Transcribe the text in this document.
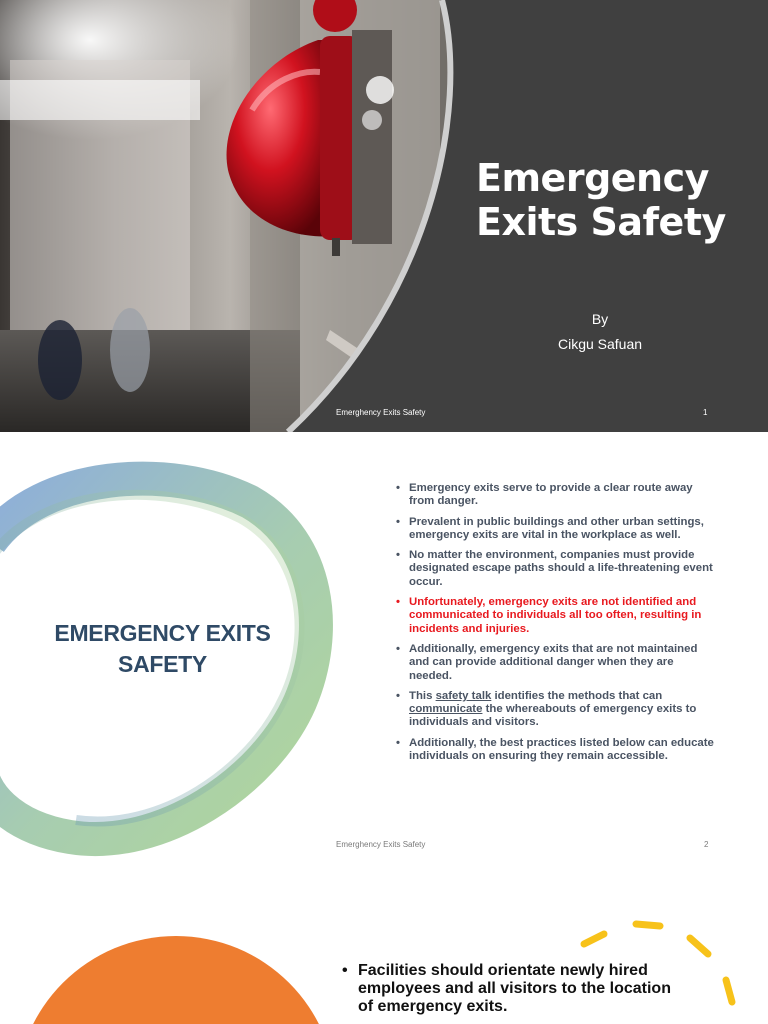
Emergency
Exits Safety
By
Cikgu Safuan
Emerghency Exits Safety	1
EMERGENCY EXITS
SAFETY
• Emergency exits serve to provide a clear route away from danger.
• Prevalent in public buildings and other urban settings, emergency exits are vital in the workplace as well.
• No matter the environment, companies must provide designated escape paths should a life-threatening event occur.
• Unfortunately, emergency exits are not identified and communicated to individuals all too often, resulting in incidents and injuries.
• Additionally, emergency exits that are not maintained and can provide additional danger when they are needed.
• This safety talk identifies the methods that can communicate the whereabouts of emergency exits to individuals and visitors.
• Additionally, the best practices listed below can educate individuals on ensuring they remain accessible.
Emerghency Exits Safety	2
• Facilities should orientate newly hired employees and all visitors to the location of emergency exits.
